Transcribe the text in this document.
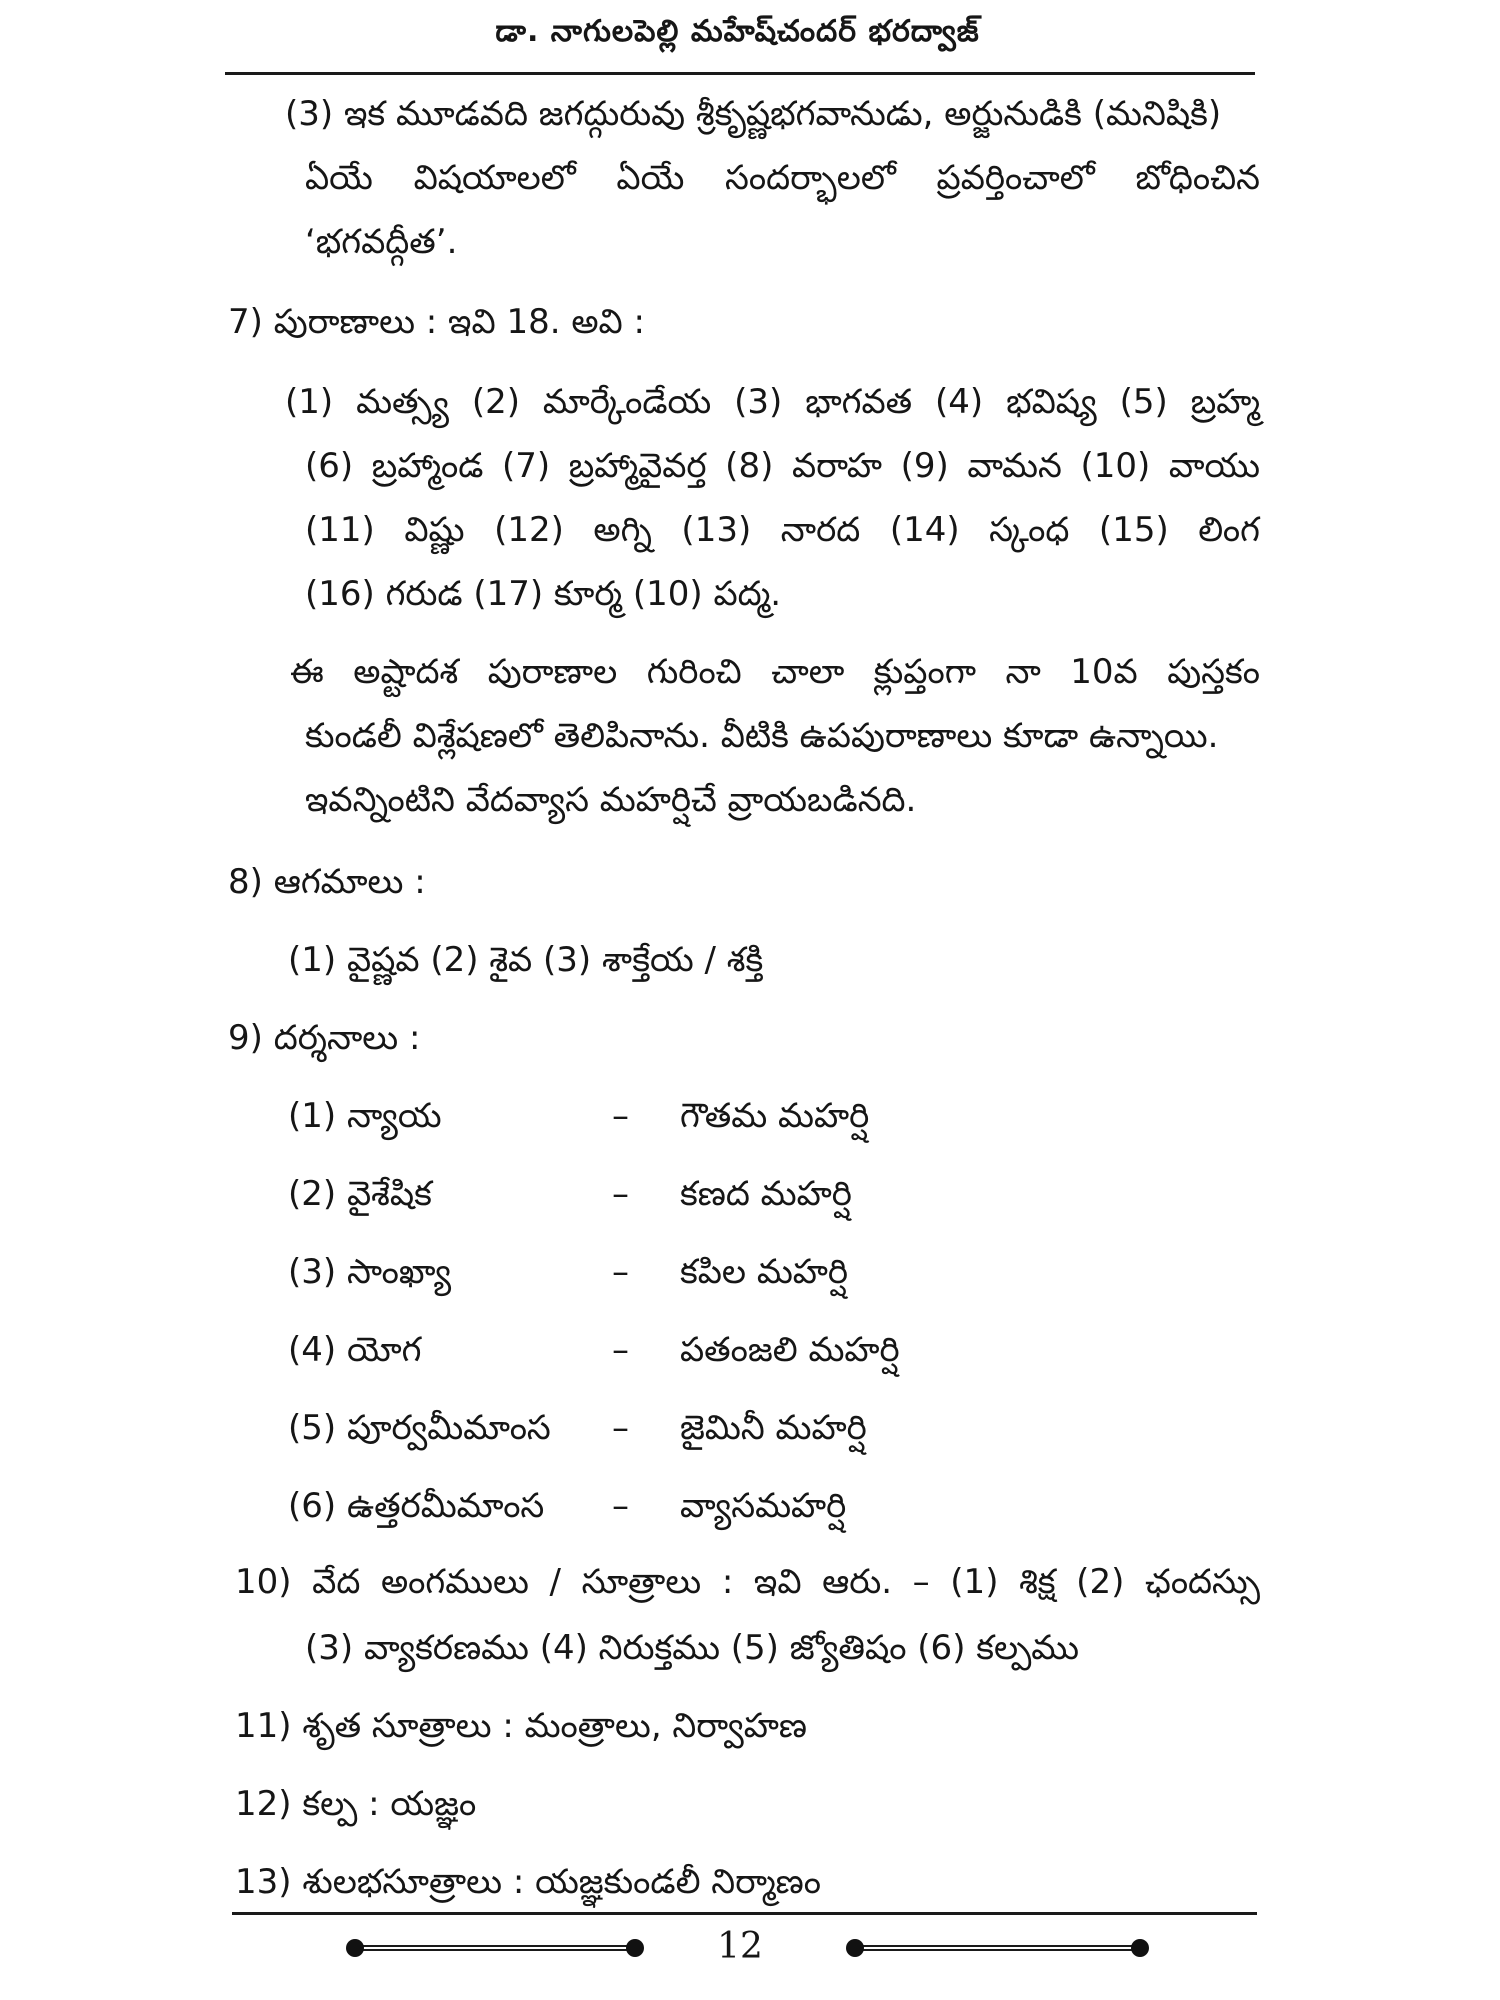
డా. నాగులపెల్లి మహేష్‌చందర్ భరద్వాజ్
(3) ఇక మూడవది జగద్గురువు శ్రీకృష్ణభగవానుడు, అర్జునుడికి (మనిషికి)
ఏయే విషయాలలో ఏయే సందర్భాలలో ప్రవర్తించాలో బోధించిన
‘భగవద్గీత’.
7) పురాణాలు : ఇవి 18. అవి :
(1) మత్స్య (2) మార్కేండేయ (3) భాగవత (4) భవిష్య (5) బ్రహ్మ
(6) బ్రహ్మాండ (7) బ్రహ్మావైవర్త (8) వరాహ (9) వామన (10) వాయు
(11) విష్ణు (12) అగ్ని (13) నారద (14) స్కంధ (15) లింగ
(16) గరుడ (17) కూర్మ (10) పద్మ.
ఈ అష్టాదశ పురాణాల గురించి చాలా క్లుప్తంగా నా 10వ పుస్తకం
కుండలీ విశ్లేషణలో తెలిపినాను. వీటికి ఉపపురాణాలు కూడా ఉన్నాయి.
ఇవన్నింటిని వేదవ్యాస మహర్షిచే వ్రాయబడినది.
8) ఆగమాలు :
(1) వైష్ణవ (2) శైవ (3) శాక్తేయ / శక్తి
9) దర్శనాలు :
(1) న్యాయ	– గౌతమ మహర్షి
(2) వైశేషిక	– కణద మహర్షి
(3) సాంఖ్యా	– కపిల మహర్షి
(4) యోగ	– పతంజలి మహర్షి
(5) పూర్వమీమాంస – జైమినీ మహర్షి
(6) ఉత్తరమీమాంస – వ్యాసమహర్షి
10) వేద అంగములు / సూత్రాలు : ఇవి ఆరు. – (1) శిక్ష (2) ఛందస్సు
(3) వ్యాకరణము (4) నిరుక్తము (5) జ్యోతిషం (6) కల్పము
11) శృత సూత్రాలు : మంత్రాలు, నిర్వాహణ
12) కల్ప : యజ్ఞం
13) శులభసూత్రాలు : యజ్ఞకుండలీ నిర్మాణం
12
